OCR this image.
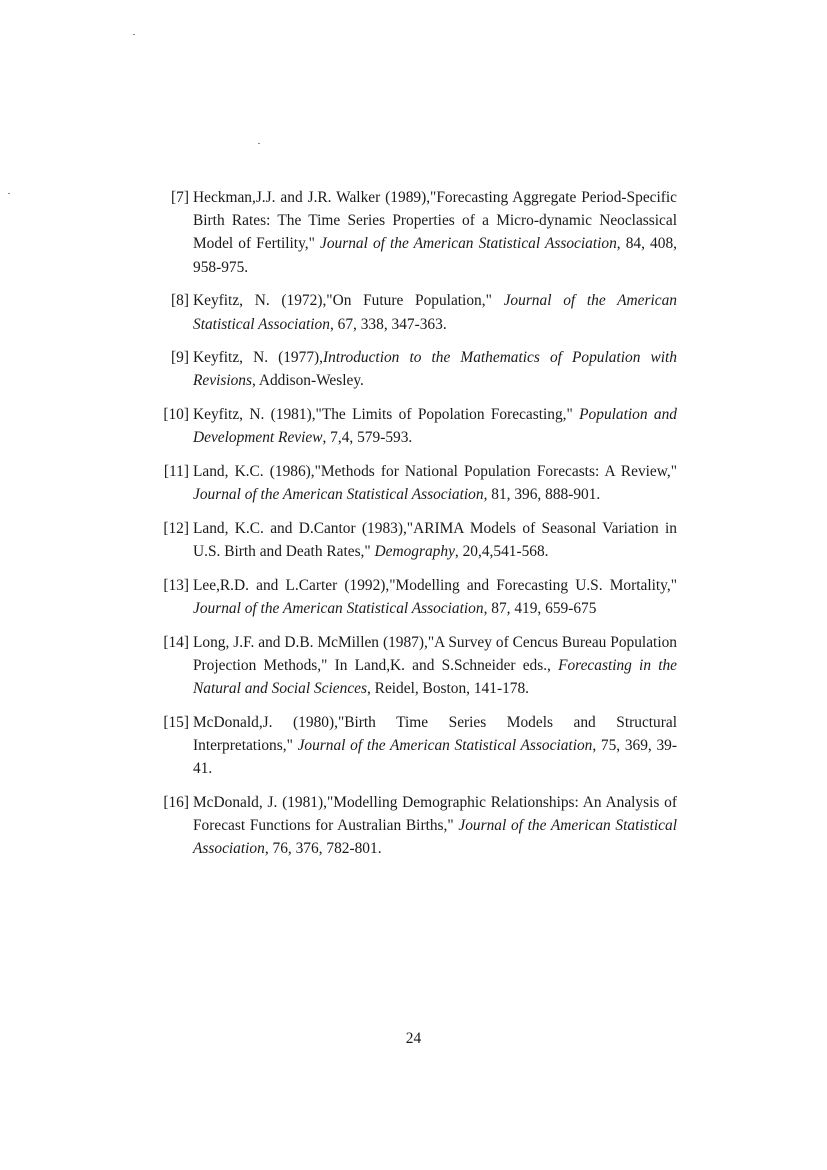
[7] Heckman,J.J. and J.R. Walker (1989),"Forecasting Aggregate Period-Specific Birth Rates: The Time Series Properties of a Micro-dynamic Neoclassical Model of Fertility," Journal of the American Statistical Association, 84, 408, 958-975.
[8] Keyfitz, N. (1972),"On Future Population," Journal of the American Statistical Association, 67, 338, 347-363.
[9] Keyfitz, N. (1977),Introduction to the Mathematics of Population with Revisions, Addison-Wesley.
[10] Keyfitz, N. (1981),"The Limits of Popolation Forecasting," Population and Development Review, 7,4, 579-593.
[11] Land, K.C. (1986),"Methods for National Population Forecasts: A Review," Journal of the American Statistical Association, 81, 396, 888-901.
[12] Land, K.C. and D.Cantor (1983),"ARIMA Models of Seasonal Variation in U.S. Birth and Death Rates," Demography, 20,4,541-568.
[13] Lee,R.D. and L.Carter (1992),"Modelling and Forecasting U.S. Mortality," Journal of the American Statistical Association, 87, 419, 659-675
[14] Long, J.F. and D.B. McMillen (1987),"A Survey of Cencus Bureau Population Projection Methods," In Land,K. and S.Schneider eds., Forecasting in the Natural and Social Sciences, Reidel, Boston, 141-178.
[15] McDonald,J. (1980),"Birth Time Series Models and Structural Interpretations," Journal of the American Statistical Association, 75, 369, 39-41.
[16] McDonald, J. (1981),"Modelling Demographic Relationships: An Analysis of Forecast Functions for Australian Births," Journal of the American Statistical Association, 76, 376, 782-801.
24
